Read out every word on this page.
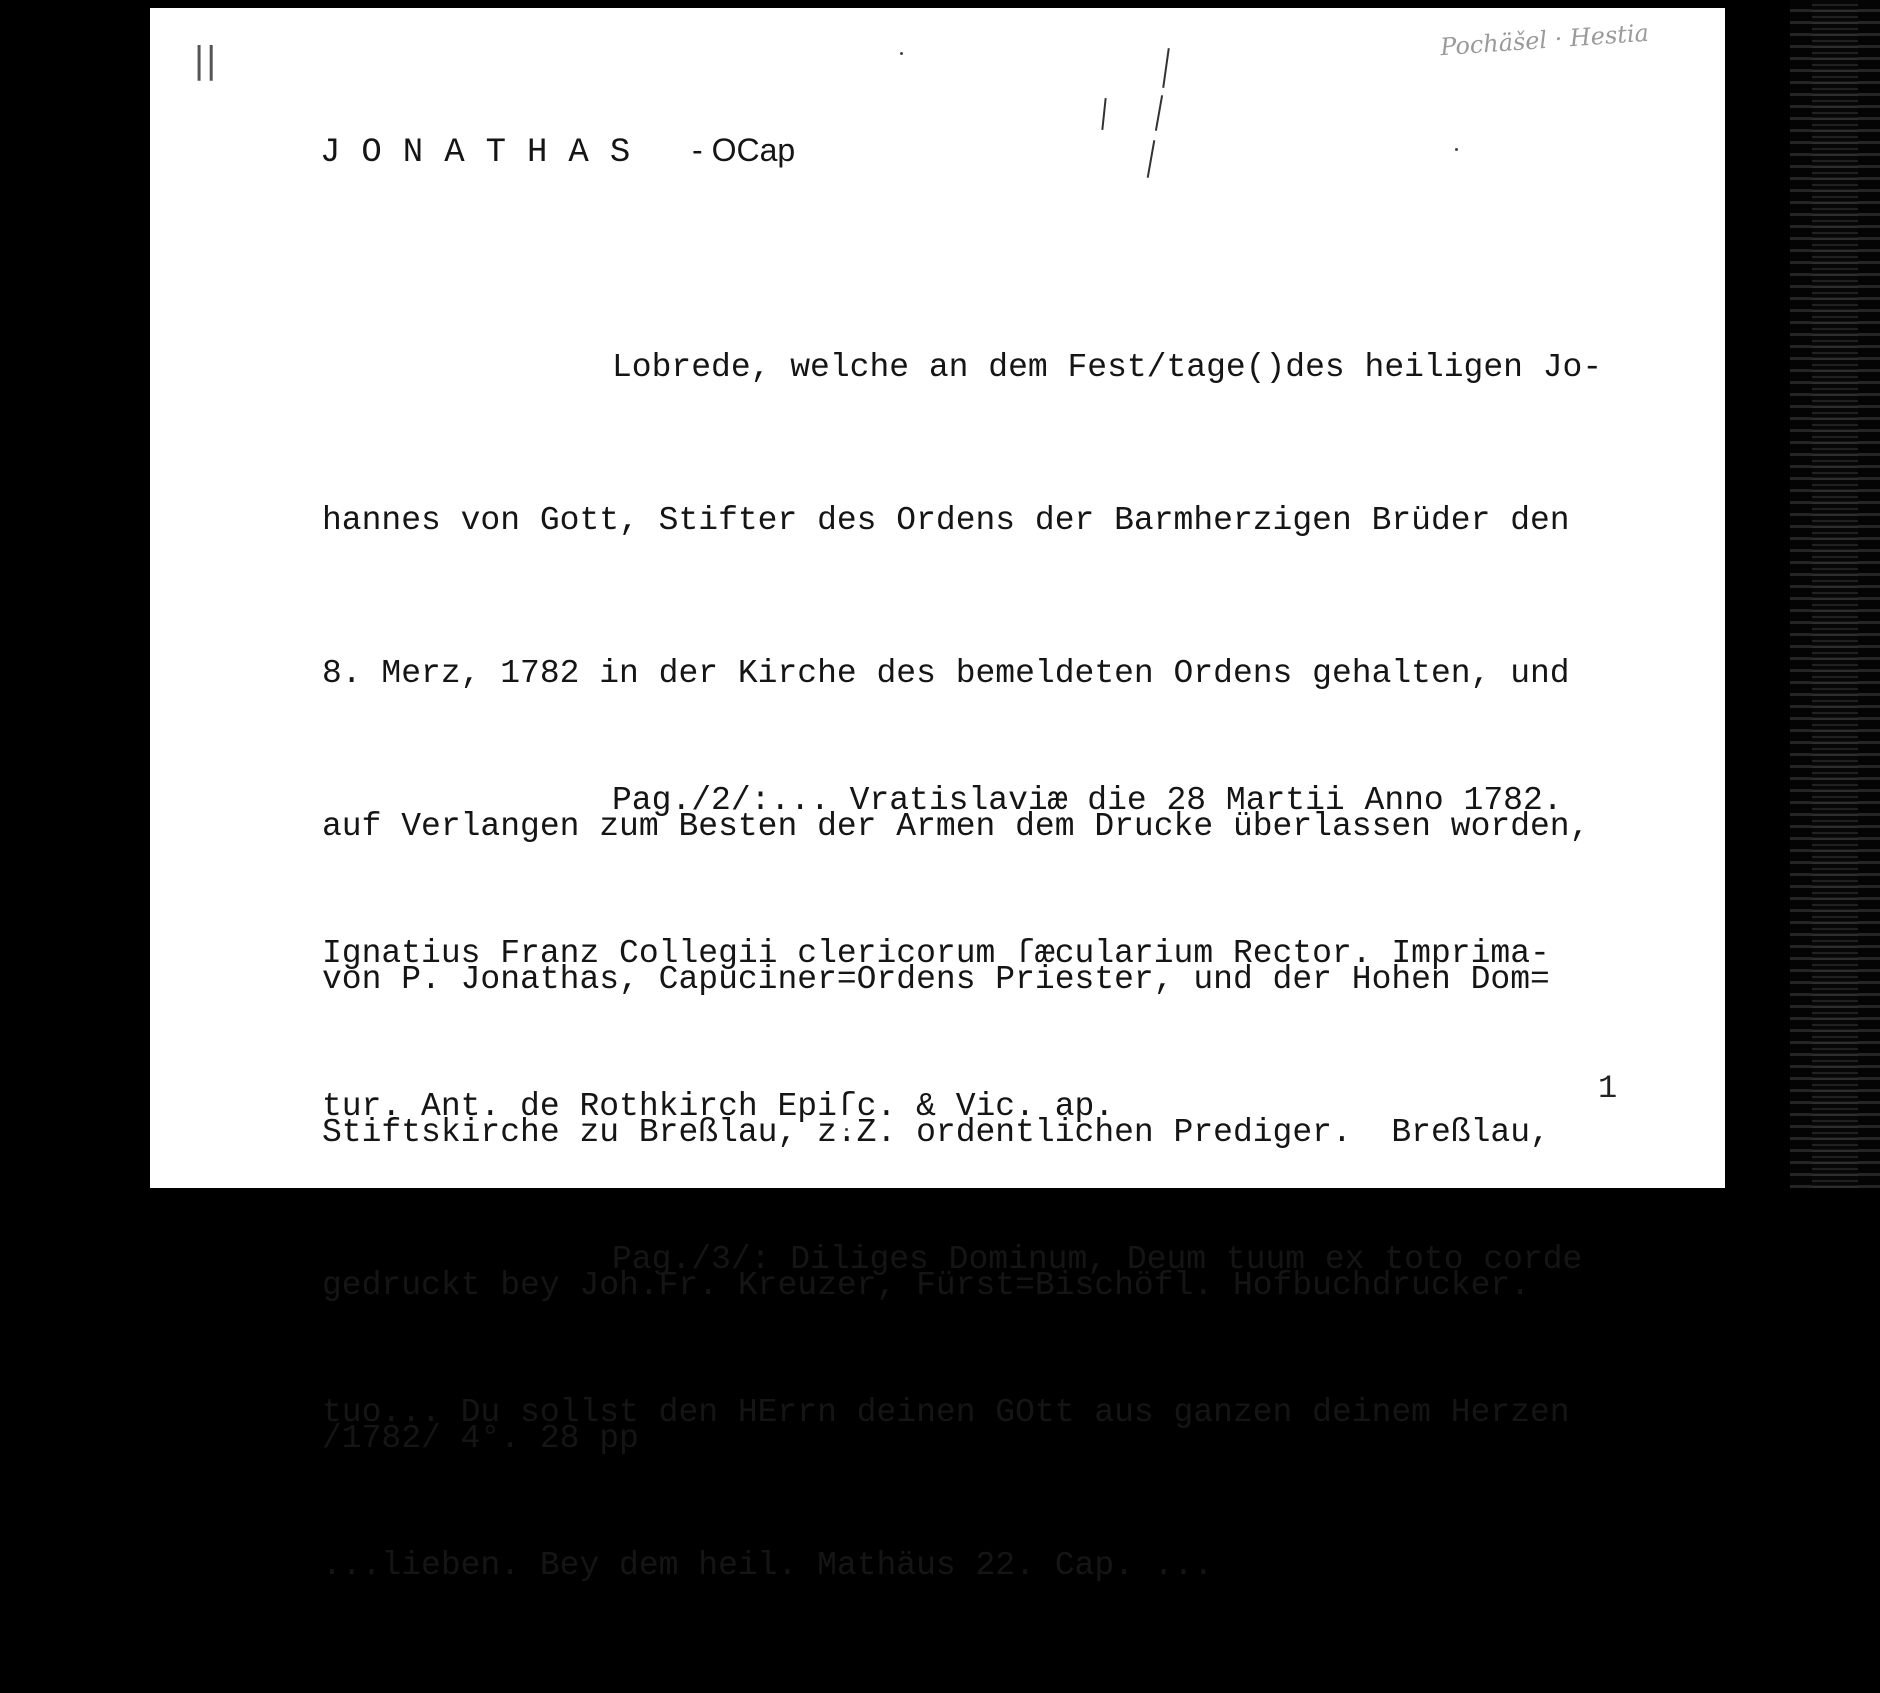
||	Pochäšel · Hestia
JONATHAS - OCap

Lobrede, welche an dem Fest/tage()des heiligen Jo-

hannes von Gott, Stifter des Ordens der Barmherzigen Brüder den

8. Merz, 1782 in der Kirche des bemeldeten Ordens gehalten, und

auf Verlangen zum Besten der Armen dem Drucke überlassen worden,

von P. Jonathas, Capuciner=Ordens Priester, und der Hohen Dom=

Stiftskirche zu Breßlau, z.Z. ordentlichen Prediger.  Breßlau,

gedruckt bey Joh.Fr. Kreuzer, Fürst=Bischöfl. Hofbuchdrucker.

/1782/ 4°. 28 pp

Pag./2/:... Vratislaviæ die 28 Martii Anno 1782.

Ignatius Franz Collegii clericorum ſæcularium Rector. Imprima-

tur. Ant. de Rothkirch Epiſc. & Vic. ap.

Pag./3/: Diliges Dominum, Deum tuum ex toto corde

tuo... Du sollst den HErrn deinen GOtt aus ganzen deinem Herzen

...lieben. Bey dem heil. Mathäus 22. Cap. ...

1
